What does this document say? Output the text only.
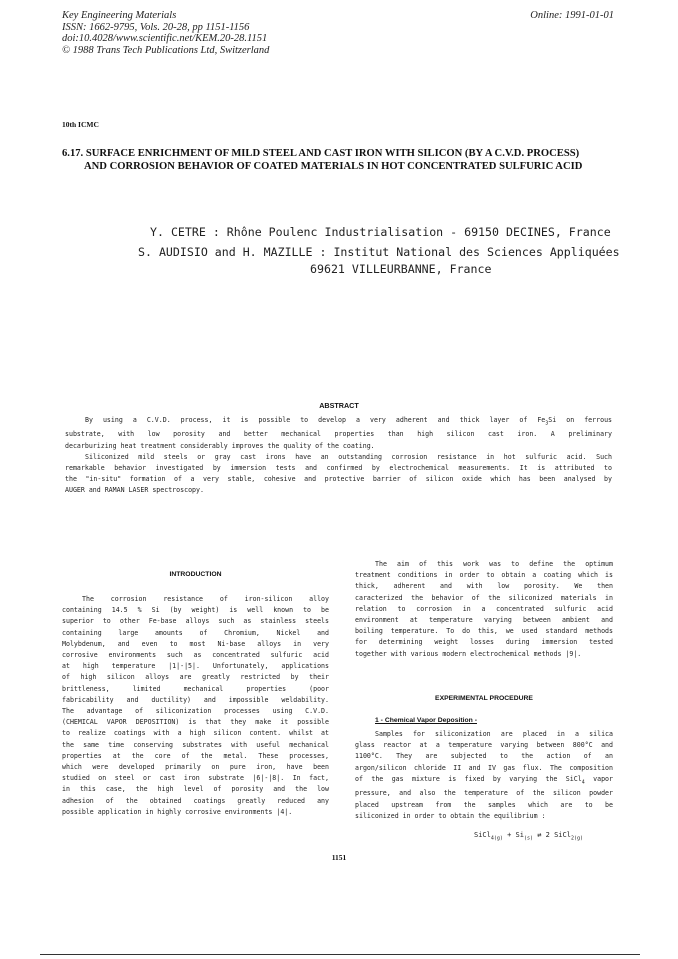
Key Engineering Materials
ISSN: 1662-9795, Vols. 20-28, pp 1151-1156
doi:10.4028/www.scientific.net/KEM.20-28.1151
© 1988 Trans Tech Publications Ltd, Switzerland
Online: 1991-01-01
10th ICMC
6.17. SURFACE ENRICHMENT OF MILD STEEL AND CAST IRON WITH SILICON (BY A C.V.D. PROCESS)
AND CORROSION BEHAVIOR OF COATED MATERIALS IN HOT CONCENTRATED SULFURIC ACID
Y. CETRE : Rhône Poulenc Industrialisation - 69150 DECINES, France
S. AUDISIO and H. MAZILLE : Institut National des Sciences Appliquées
69621 VILLEURBANNE, France
ABSTRACT

By using a C.V.D. process, it is possible to develop a very adherent and thick layer of $Fe_3Si$ on ferrous

substrate, with low porosity and better mechanical properties than high silicon cast iron. A preliminary

decarburizing heat treatment considerably improves the quality of the coating.

Siliconized mild steels or gray cast irons have an outstanding corrosion resistance in hot sulfuric acid. Such

remarkable behavior investigated by immersion tests and confirmed by electrochemical measurements. It is attributed to

the "in-situ" formation of a very stable, cohesive and protective barrier of silicon oxide which has been analysed by

AUGER and RAMAN LASER spectroscopy.

INTRODUCTION

The corrosion resistance of iron-silicon alloy

containing 14.5 % Si (by weight) is well known to be

superior to other Fe-base alloys such as stainless steels

containing large amounts of Chromium, Nickel and

Molybdenum, and even to most Ni-base alloys in very

corrosive environments such as concentrated sulfuric acid

at high temperature |1|-|5|. Unfortunately, applications

of high silicon alloys are greatly restricted by their

brittleness, limited mechanical properties (poor

fabricability and ductility) and impossible weldability.

The advantage of siliconization processes using C.V.D.

(CHEMICAL VAPOR DEPOSITION) is that they make it possible

to realize coatings with a high silicon content. whilst at

the same time conserving substrates with useful mechanical

properties at the core of the metal. These processes,

which were developed primarily on pure iron, have been

studied on steel or cast iron substrate |6|-|8|. In fact,

in this case, the high level of porosity and the low

adhesion of the obtained coatings greatly reduced any

possible application in highly corrosive environments |4|.

The aim of this work was to define the optimum

treatment conditions in order to obtain a coating which is

thick, adherent and with low porosity. We then

caracterized the behavior of the siliconized materials in

relation to corrosion in a concentrated sulfuric acid

environment at temperature varying between ambient and

boiling temperature. To do this, we used standard methods

for determining weight losses during immersion tested

together with various modern electrochemical methods |9|.

EXPERIMENTAL PROCEDURE
1 - Chemical Vapor Deposition -

Samples for siliconization are placed in a silica

glass reactor at a temperature varying between 800°C and

1100°C. They are subjected to the action of an

argon/silicon chloride II and IV gas flux. The composition

of the gas mixture is fixed by varying the SiCl$_4$ vapor

pressure, and also the temperature of the silicon powder

placed upstream from the samples which are to be

siliconized in order to obtain the equilibrium :

SiCl$_{4(g)}$ + $Si_{(s)}$ ⇄ 2 SiCl$_{2(g)}$
1151
